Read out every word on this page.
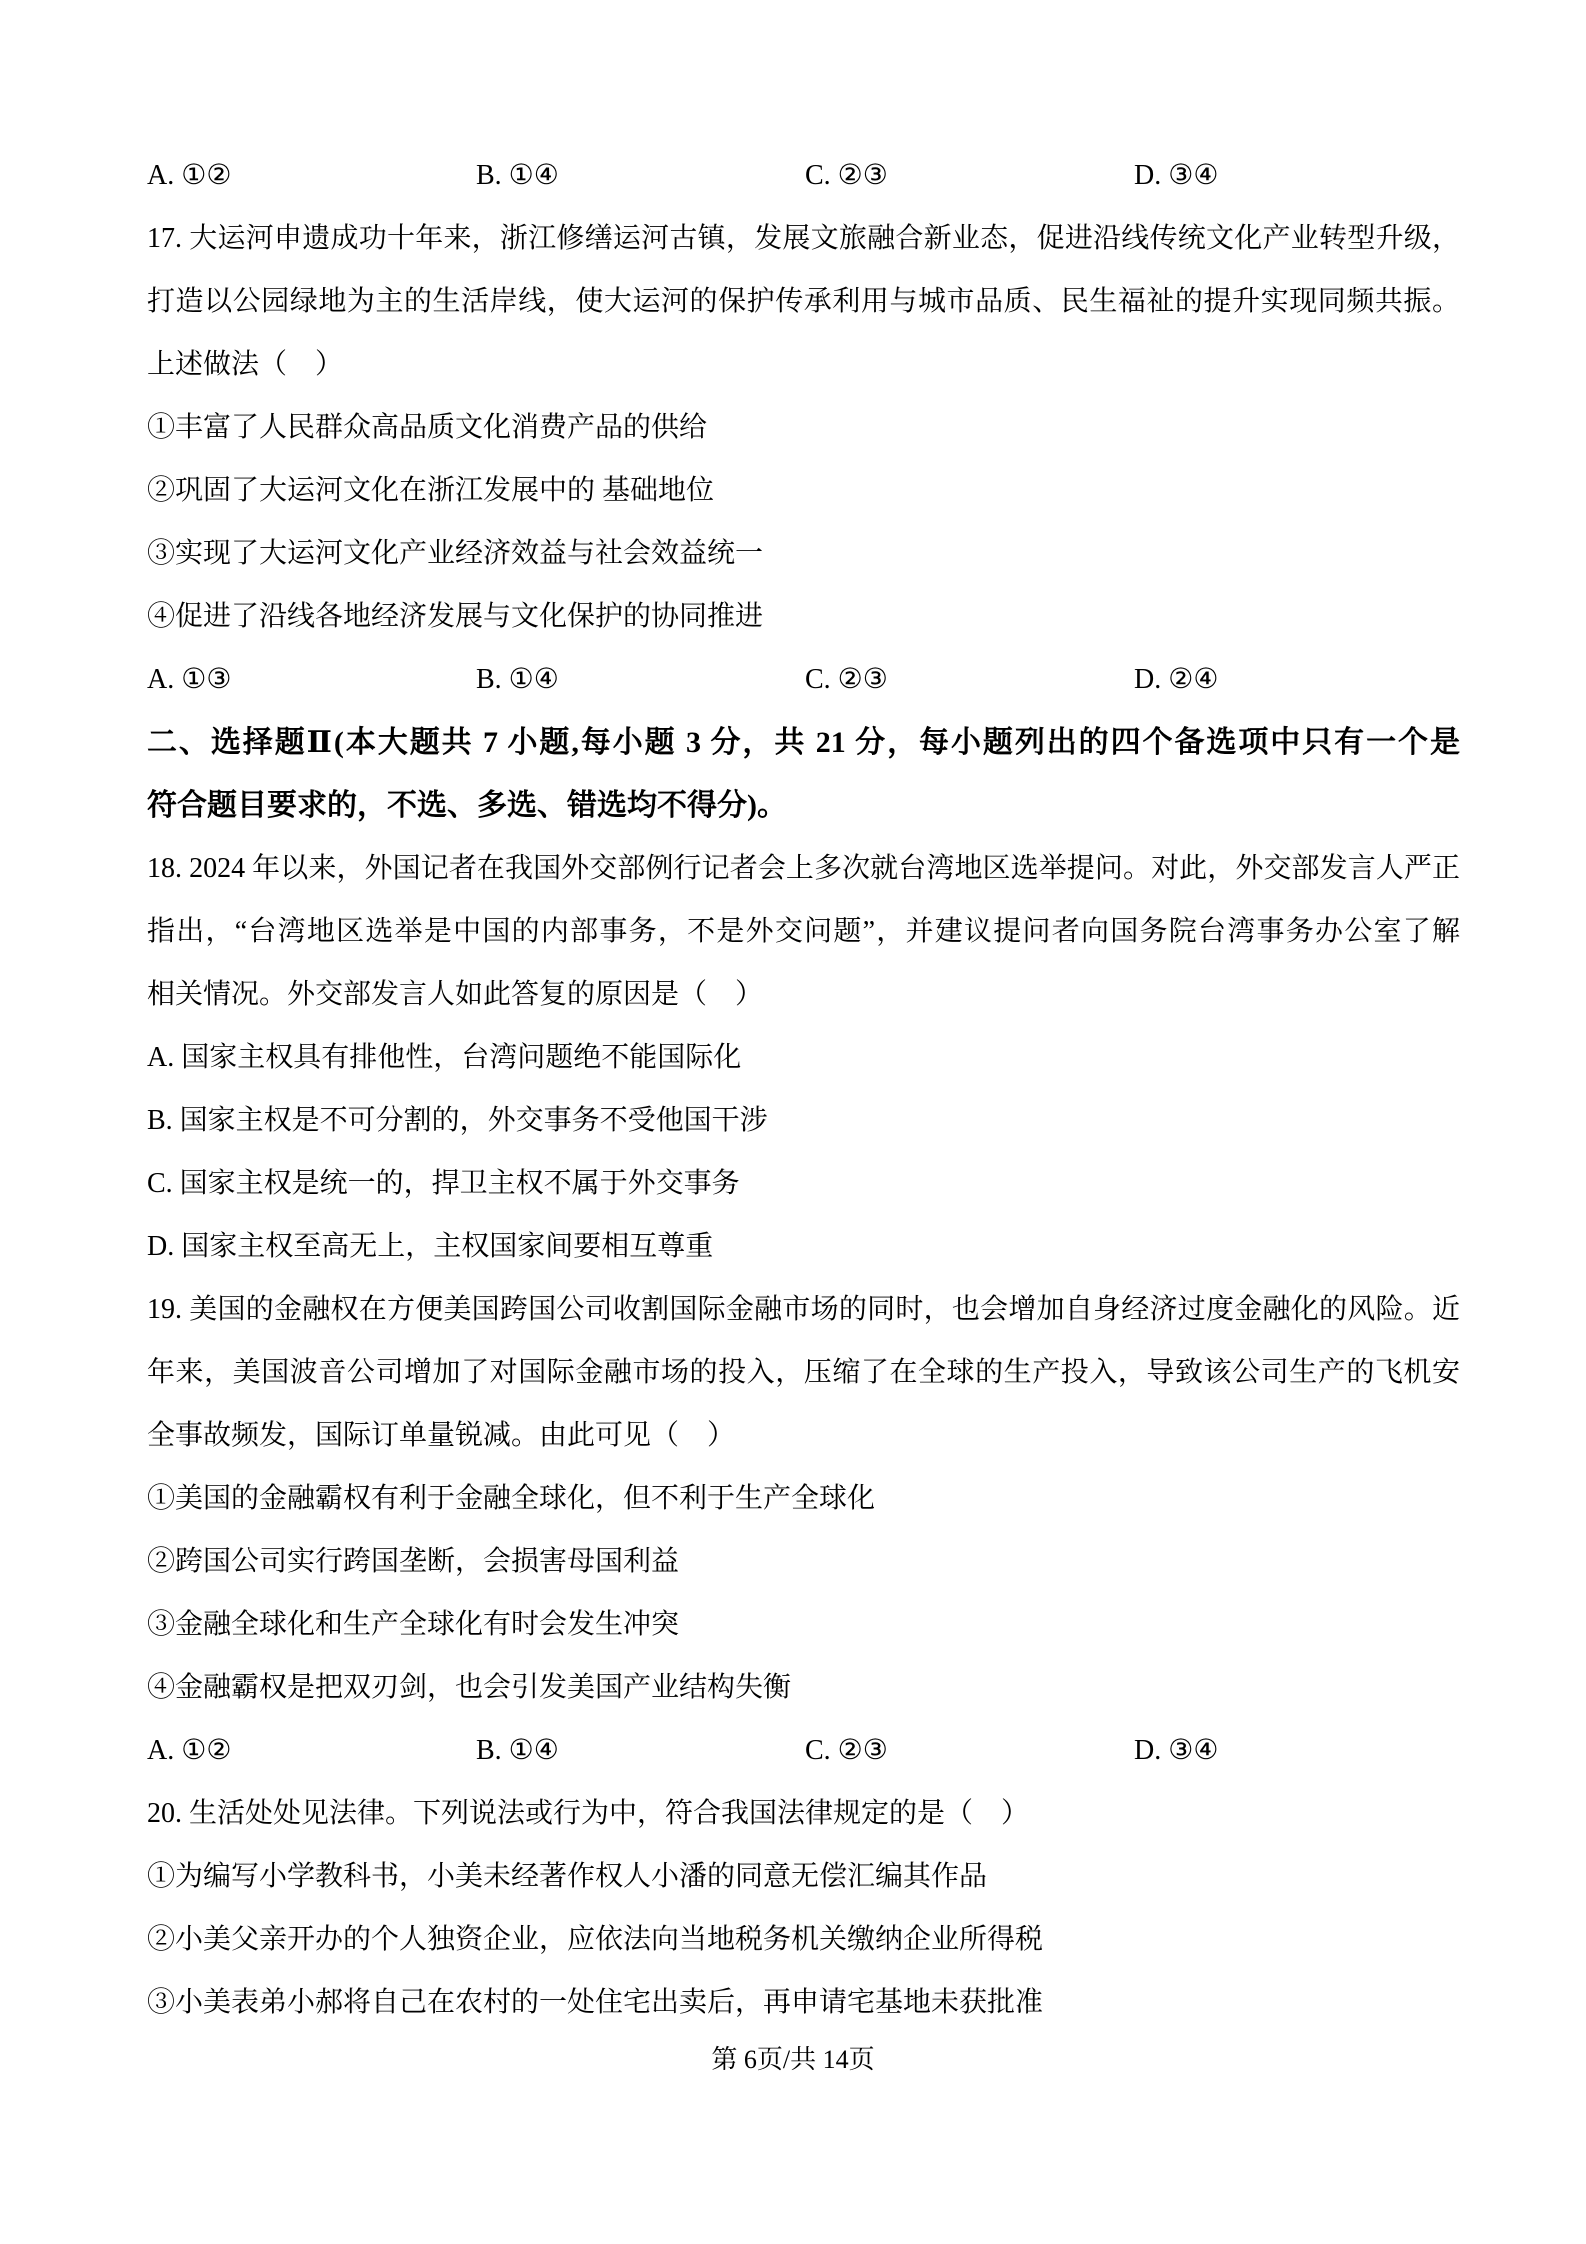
A. ①②	B. ①④	C. ②③	D. ③④
17. 大运河申遗成功十年来，浙江修缮运河古镇，发展文旅融合新业态，促进沿线传统文化产业转型升级，
打造以公园绿地为主的生活岸线，使大运河的保护传承利用与城市品质、民生福祉的提升实现同频共振。
上述做法（　）
①丰富了人民群众高品质文化消费产品的供给
②巩固了大运河文化在浙江发展中的 基础地位
③实现了大运河文化产业经济效益与社会效益统一
④促进了沿线各地经济发展与文化保护的协同推进
A. ①③	B. ①④	C. ②③	D. ②④
二、选择题Ⅱ(本大题共 7 小题,每小题 3 分，共 21 分，每小题列出的四个备选项中只有一个是
符合题目要求的，不选、多选、错选均不得分)。
18. 2024 年以来，外国记者在我国外交部例行记者会上多次就台湾地区选举提问。对此，外交部发言人严正
指出，“台湾地区选举是中国的内部事务，不是外交问题”，并建议提问者向国务院台湾事务办公室了解
相关情况。外交部发言人如此答复的原因是（　）
A. 国家主权具有排他性，台湾问题绝不能国际化
B. 国家主权是不可分割的，外交事务不受他国干涉
C. 国家主权是统一的，捍卫主权不属于外交事务
D. 国家主权至高无上，主权国家间要相互尊重
19. 美国的金融权在方便美国跨国公司收割国际金融市场的同时，也会增加自身经济过度金融化的风险。近
年来，美国波音公司增加了对国际金融市场的投入，压缩了在全球的生产投入，导致该公司生产的飞机安
全事故频发，国际订单量锐减。由此可见（　）
①美国的金融霸权有利于金融全球化，但不利于生产全球化
②跨国公司实行跨国垄断，会损害母国利益
③金融全球化和生产全球化有时会发生冲突
④金融霸权是把双刃剑，也会引发美国产业结构失衡
A. ①②	B. ①④	C. ②③	D. ③④
20. 生活处处见法律。下列说法或行为中，符合我国法律规定的是（　）
①为编写小学教科书，小美未经著作权人小潘的同意无偿汇编其作品
②小美父亲开办的个人独资企业，应依法向当地税务机关缴纳企业所得税
③小美表弟小郝将自己在农村的一处住宅出卖后，再申请宅基地未获批准
第 6页/共 14页
